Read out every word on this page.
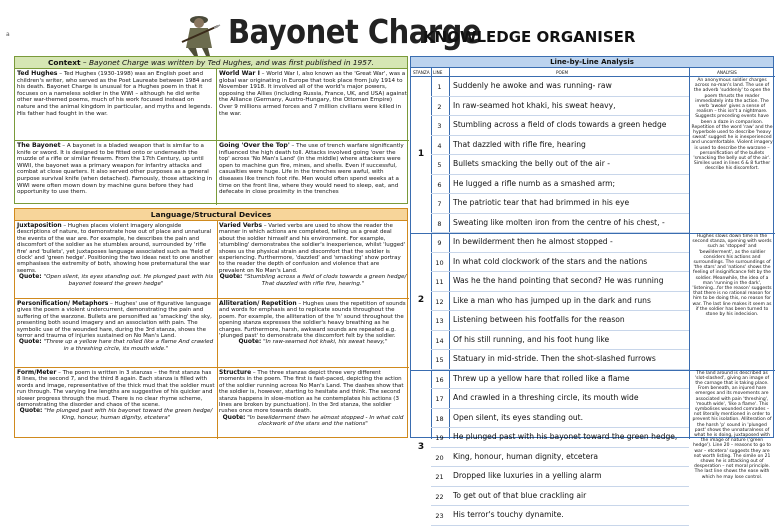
a	Bayonet Charge
KNOWLEDGE ORGANISER
Context – Bayonet Charge was written by Ted Hughes, and was first published in 1957.
Ted Hughes – Ted Hughes (1930-1998) was an English poet and children's writer, who served as the Poet Laureate between 1984 and his death. Bayonet Charge is unusual for a Hughes poem in that it focuses on a nameless soldier in the WWI – although he did write other war-themed poems, much of his work focused instead on nature and the animal kingdom in particular, and myths and legends. His father had fought in the war.
World War I – World War I, also known as the 'Great War', was a global war originating in Europe that took place from July 1914 to November 1918. It involved all of the world's major powers, opposing the Allies (including Russia, France, UK, and USA) against the Alliance (Germany, Austro-Hungary, the Ottoman Empire) Over 9 millions armed forces and 7 million civilians were killed in the war.
The Bayonet – A bayonet is a bladed weapon that is similar to a knife or sword. It is designed to be fitted onto or underneath the muzzle of a rifle or similar firearm. From the 17th Century, up until WWII, the bayonet was a primary weapon for infantry attacks and combat at close quarters. It also served other purposes as a general purpose survival knife (when detached). Famously, those attacking in WWI were often mown down by machine guns before they had opportunity to use them.
Going 'Over the Top' – The use of trench warfare significantly influenced the high death toll. Attacks involved going 'over the top' across 'No Man's Land' (in the middle) where attackers were open to machine gun fire, mines, and shells. Even if successful, casualties were huge. Life in the trenches were awful, with diseases like trench foot rife. Men would often spend weeks at a time on the front line, where they would need to sleep, eat, and defecate in close proximity in the trenches
Language/Structural Devices
Juxtaposition – Hughes places violent imagery alongside descriptions of nature, to demonstrate how out of place and unnatural the events of the war are. For example, he describes the pain and discomfort of the soldier as he stumbles around, surrounded by 'rifle fire' and 'bullets', yet juxtaposes language associated such as 'field of clock' and 'green hedge'. Positioning the two ideas next to one another emphasises the extremity of both, showing how preternatural the war seems.
Quote: "Open silent, its eyes standing out. He plunged past with his bayonet toward the green hedge"
Varied Verbs – Varied verbs are used to show the reader the manner in which actions are completed, telling us a great deal about the soldier himself and his environment. For example, 'stumbling' demonstrates the soldier's inexperience, whilst 'lugged' shows us the physical strain and discomfort that the soldier is experiencing. Furthermore, 'dazzled' and 'smacking' show portray to the reader the depth of confusion and violence that are prevalent on No Man's Land.
Quote: "Stumbling across a field of clods towards a green hedge/ That dazzled with rifle fire, hearing."
Personification/ Metaphors – Hughes' use of figurative language gives the poem a violent undercurrent, demonstrating the pain and suffering of the warzone. Bullets are personified as 'smacking' the sky, presenting both sound imagery and an association with pain. The symbolic use of the wounded hare, during the 3rd stanza, shows the terror and trauma of injuries sustained on No Man's Land.
Quote: "Threw up a yellow hare that rolled like a flame And crawled in a threshing circle, its mouth wide."
Alliteration/ Repetition – Hughes uses the repetition of sounds and words for emphasis and to replicate sounds throughout the poem. For example, the alliteration of the 'h' sound throughout the opening stanza expresses the soldier's heavy breathing as he charges. Furthermore, harsh, awkward sounds are repeated e.g. 'plunged past' to demonstrate the discomfort felt by the soldier.
Quote: "In raw-seamed hot khaki, his sweat heavy,"
Form/Meter – The poem is written in 3 stanzas – the first stanza has 8 lines, the second 7, and the third 8 again. Each stanza is filled with words and image, representative of the thick mud that the soldier must run through. The varying line lengths are suggestive of his quicker and slower progress through the mud. There is no clear rhyme scheme, demonstrating the disorder and chaos of the scene.
Quote: "He plunged past with his bayonet toward the green hedge/ King, honour, human dignity, etcetera"
Structure – The three stanzas depict three very different moments in the poem. The first is fast-paced, depicting the action of the soldier running across No Man's Land. The dashes show that the soldier is, however, starting to hesitate and think. The second stanza happens in slow-motion as he contemplates his actions (3 lines are broken by punctuation). In the 3rd stanza, the soldier rushes once more towards death.
Quote: "In bewilderment then he almost stopped - In what cold clockwork of the stars and the nations"
Line-by-Line Analysis
STANZA LINE	POEM	ANALYSIS
1
1	Suddenly he awoke and was running- raw
2	In raw-seamed hot khaki, his sweat heavy,
3	Stumbling across a field of clods towards a green hedge
4	That dazzled with rifle fire, hearing
5	Bullets smacking the belly out of the air -
6	He lugged a rifle numb as a smashed arm;
7	The patriotic tear that had brimmed in his eye
8	Sweating like molten iron from the centre of his chest, -
An anonymous soldier charges across no-man's land. The use of the adverb 'suddenly' to open the poem thrusts the reader immediately into the action. The verb 'awoke' gives a sense of realism – this isn't a nightmare. Suggests preceding events have been a daze in comparison. Repetition of the word 'raw' and the hyperbole used to describe 'heavy sweat' suggest he is inexperienced and uncomfortable. Violent imagery is used to describe the warzone – personification of the bullets 'smacking the belly out of the air'. Similes used in lines 6 & 8 further describe his discomfort.
2
9	In bewilderment then he almost stopped -
10	In what cold clockwork of the stars and the nations
11	Was he the hand pointing that second? He was running
12	Like a man who has jumped up in the dark and runs
13	Listening between his footfalls for the reason
14	Of his still running, and his foot hung like
15	Statuary in mid-stride. Then the shot-slashed furrows
Hughes slows down time in the second stanza, opening with words such as 'stopped' and 'bewilderment', as the soldier considers his actions and surroundings. The surroundings of 'the stars' and 'nations' shows the feeling of insignificance felt by the soldier. Meanwhile, the idea of a man 'running in the dark', 'listening...for the reason' suggests that there is no rational reason for him to be doing this, no reason for war. The last line makes it seem as if the soldier has been turned to stone by his indecision.
3
16	Threw up a yellow hare that rolled like a flame
17	And crawled in a threshing circle, its mouth wide
18	Open silent, its eyes standing out.
19	He plunged past with his bayonet toward the green hedge,
20	King, honour, human dignity, etcetera
21	Dropped like luxuries in a yelling alarm
22	To get out of that blue crackling air
23	His terror's touchy dynamite.
The land around is described as 'slot-slashed', giving an image of the carnage that is taking place. From beneath, an injured hare emerges and its movements are associated with pain 'threshing', 'mouth wide', 'like a flame'. This symbolises wounded comrades – not literally mentioned in order to prevent his isolation. Alliteration of the harsh 'p' sound in 'plunged past' shows the unnaturalness of what he is doing, juxtaposed with the image of nature ('green hedge'). Line 20 – reasons to go to war – etcetera' suggests they are not worth listing. The simile on 21 shows he is attacking out of desperation – not moral principle. The last line shows the ease with which he may lose control.
